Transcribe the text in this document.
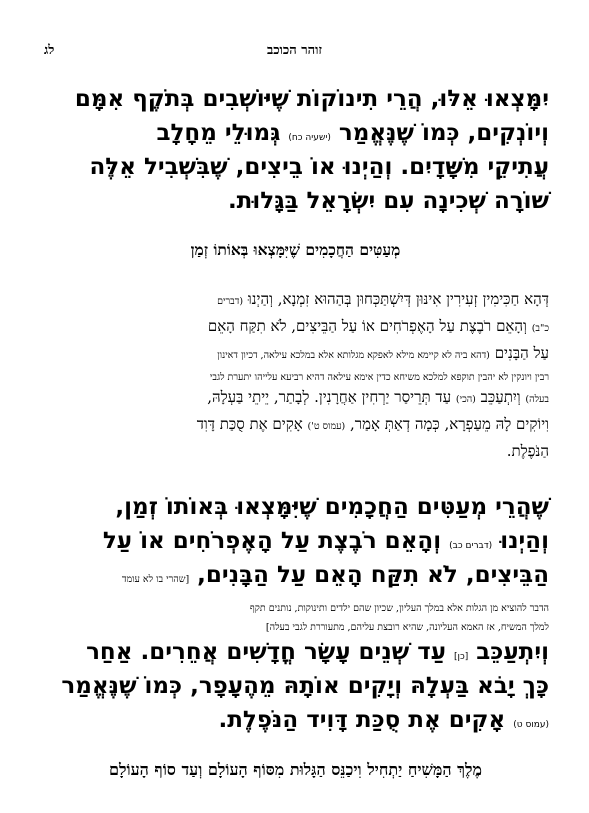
זוהר הכוכב
לג
יִמָּצְאוּ אֵלּוּ, הֲרֵי תִינוֹקוֹת שֶׁיּוֹשְׁבִים בְּתֹקֶף אִמָּם
וְיוֹנְקִים, כְּמוֹ שֶׁנֶּאֱמַר (ישעיה כח) גְּמוּלֵי מֵחָלָב
עֲתִיקֵי מִשָּׁדָיִם. וְהַיְנוּ אוֹ בֵיצִים, שֶׁבִּשְׁבִיל אֵלֶּה
שׁוֹרָה שְׁכִינָה עִם יִשְׂרָאֵל בַּגָּלוּת.
מְעַטִּים הַחֲכָמִים שֶׁיִּמָּצְאוּ בְּאוֹתוֹ זְמַן
דְּהָא חַכִּימִין זְעִירִין אִינּוּן דְּיִשְׁתַּכְּחוּן בְּהַהוּא זִמְנָא, וְהַיְנוּ (דברים
כ"ב) וְהָאֵם רֹבֶצֶת עַל הָאֶפְרֹחִים אוֹ עַל הַבֵּיצִים, לֹא תִקַּח הָאֵם
עַל הַבָּנִים (דהא ביה לא קיימא מילא לאפקא מגלותא אלא במלכא עילאה, דכיון דאינון
רבין ויונקין לא יהבין תוקפא למלכא משיחא כדין אימא עילאה דהיא רביעא עלייהו יתערת לגבי
בעלה) וְיִתְעַכֵּב (הכי) עַד תְּרֵיסַר יַרְחִין אַחֲרָנִין. לְבָתַר, יֵיתֵי בַּעְלָהּ,
וִיוֹקִים לָהּ מֵעַפְרָא, כְּמָה דְאַתְּ אָמַר, (עמוס ט') אָקִים אֶת סֻכַּת דָּוִד
הַנֹּפֶלֶת.
שֶׁהֲרֵי מְעַטִּים הַחֲכָמִים שֶׁיִּמָּצְאוּ בְּאוֹתוֹ זְמַן,
וְהַיְנוּ (דברים כב) וְהָאֵם רֹבֶצֶת עַל הָאֶפְרֹחִים אוֹ עַל
הַבֵּיצִים, לֹא תִקַּח הָאֵם עַל הַבָּנִים, [שהרי בו לא עומד
הדבר להוציא מן הגלות אלא במלך העליון, שכיון שהם ילדים ותינוקות, נותנים תקף
למלך המשיח, אז האמא העליונה, שהיא רובצת עליהם, מתעוררת לגבי בעלה]
וְיִתְעַכֵּב [כן] עַד שְׁנֵים עָשָׂר חֳדָשִׁים אֲחֵרִים. אַחַר
כָּךְ יָבֹא בַּעְלָהּ וְיָקִים אוֹתָהּ מֵהֶעָפָר, כְּמוֹ שֶׁנֶּאֱמַר
(עמוס ט) אָקִים אֶת סֻכַּת דָּוִיד הַנֹּפֶלֶת.
מֶלֶךְ הַמָּשִׁיחַ יַתְחִיל וִיכַנֵּס הַגָּלוּת מִסּוֹף הָעוֹלָם וְעַד סוֹף הָעוֹלָם
